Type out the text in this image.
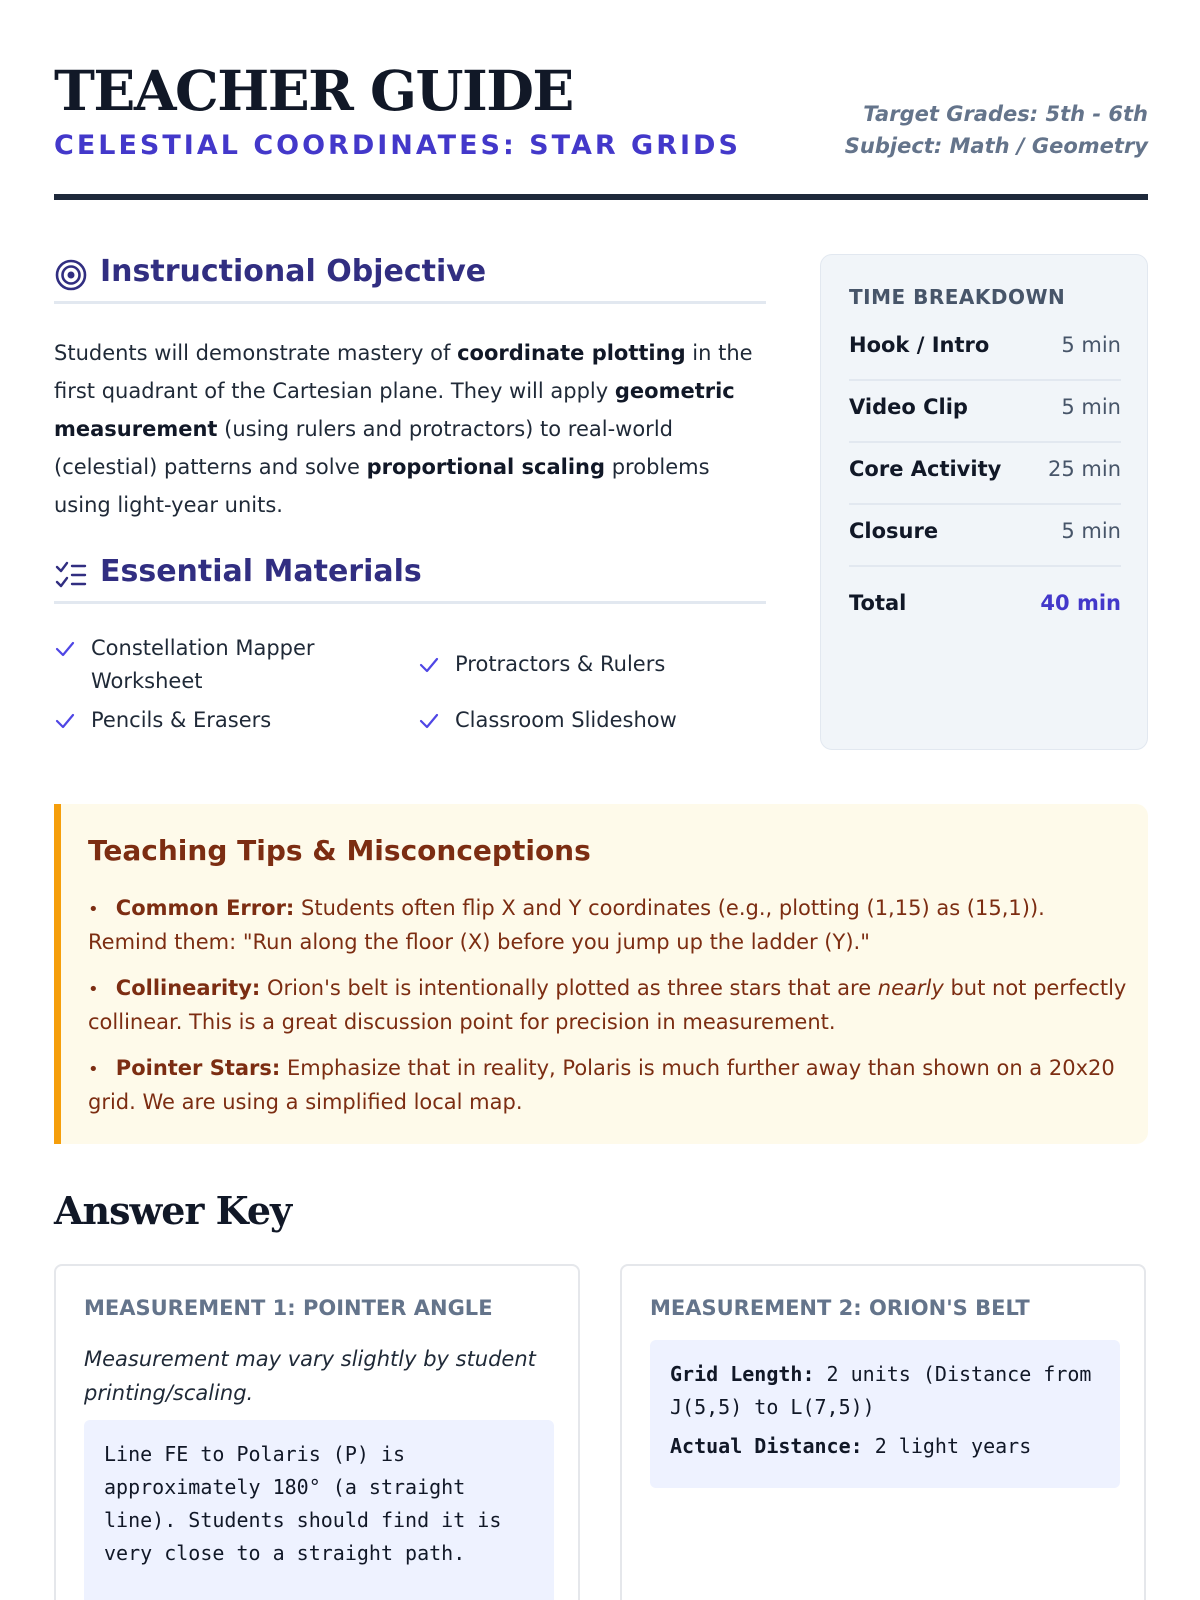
TEACHER GUIDE
CELESTIAL COORDINATES: STAR GRIDS
Target Grades: 5th - 6th
Subject: Math / Geometry
Instructional Objective
Students will demonstrate mastery of coordinate plotting in the first quadrant of the Cartesian plane. They will apply geometric measurement (using rulers and protractors) to real-world (celestial) patterns and solve proportional scaling problems using light-year units.
Essential Materials
Constellation Mapper Worksheet
Protractors & Rulers
Pencils & Erasers	Classroom Slideshow
TIME BREAKDOWN
Hook / Intro	5 min
Video Clip	5 min
Core Activity 25 min
Closure	5 min
Total	40 min
Teaching Tips & Misconceptions
•   Common Error: Students often flip X and Y coordinates (e.g., plotting (1,15) as (15,1)). Remind them: "Run along the floor (X) before you jump up the ladder (Y)."
•   Collinearity: Orion's belt is intentionally plotted as three stars that are nearly but not perfectly collinear. This is a great discussion point for precision in measurement.
•   Pointer Stars: Emphasize that in reality, Polaris is much further away than shown on a 20x20 grid. We are using a simplified local map.
Answer Key
MEASUREMENT 1: POINTER ANGLE
Measurement may vary slightly by student printing/scaling.
Line FE to Polaris (P) is approximately 180° (a straight line). Students should find it is very close to a straight path.
MEASUREMENT 2: ORION'S BELT
Grid Length: 2 units (Distance from J(5,5) to L(7,5))

Actual Distance: 2 light years
